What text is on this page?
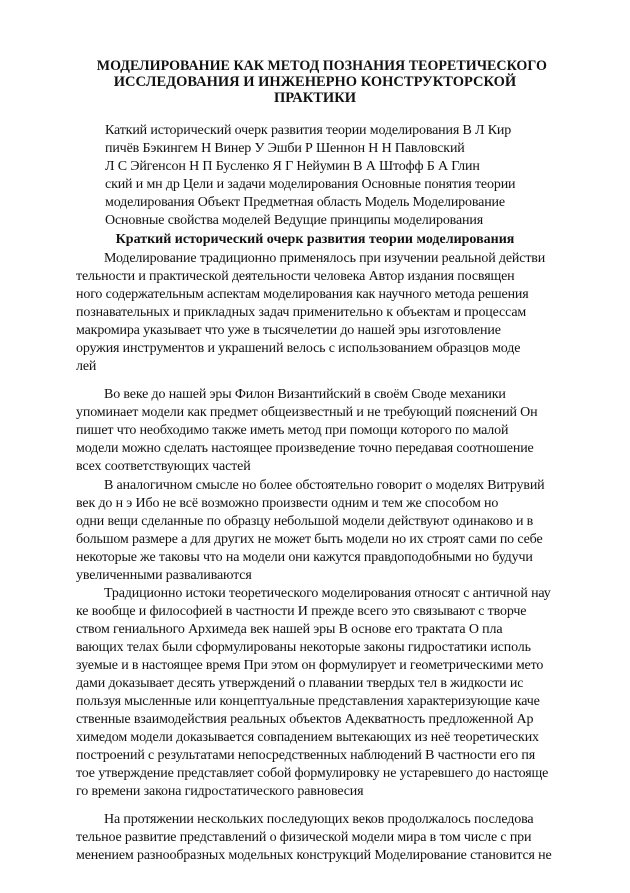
МОДЕЛИРОВАНИЕ КАК МЕТОД ПОЗНАНИЯ ТЕОРЕТИЧЕСКОГО
ИССЛЕДОВАНИЯ И ИНЖЕНЕРНО КОНСТРУКТОРСКОЙ
ПРАКТИКИ
Каткий исторический очерк развития теории моделирования В Л Кир
пичёв Бэкингем Н Винер У Эшби Р Шеннон Н Н Павловский
Л С Эйгенсон Н П Бусленко Я Г Нейумин В А Штофф Б А Глин
ский и мн др Цели и задачи моделирования Основные понятия теории
моделирования Объект Предметная область Модель Моделирование
Основные свойства моделей Ведущие принципы моделирования
Краткий исторический очерк развития теории моделирования
Моделирование традиционно применялось при изучении реальной действи
тельности и практической деятельности человека Автор издания посвящен
ного содержательным аспектам моделирования как научного метода решения
познавательных и прикладных задач применительно к объектам и процессам
макромира указывает что уже в тысячелетии до нашей эры изготовление
оружия инструментов и украшений велось с использованием образцов моде
лей
Во веке до нашей эры Филон Византийский в своём Своде механики
упоминает модели как предмет общеизвестный и не требующий пояснений Он
пишет что необходимо также иметь метод при помощи которого по малой
модели можно сделать настоящее произведение точно передавая соотношение
всех соответствующих частей
В аналогичном смысле но более обстоятельно говорит о моделях Витрувий
век до н э Ибо не всё возможно произвести одним и тем же способом но
одни вещи сделанные по образцу небольшой модели действуют одинаково и в
большом размере а для других не может быть модели но их строят сами по себе
некоторые же таковы что на модели они кажутся правдоподобными но будучи
увеличенными разваливаются
Традиционно истоки теоретического моделирования относят с античной нау
ке вообще и философией в частности И прежде всего это связывают с творче
ством гениального Архимеда век нашей эры В основе его трактата О пла
вающих телах были сформулированы некоторые законы гидростатики исполь
зуемые и в настоящее время При этом он формулирует и геометрическими мето
дами доказывает десять утверждений о плавании твердых тел в жидкости ис
пользуя мысленные или концептуальные представления характеризующие каче
ственные взаимодействия реальных объектов Адекватность предложенной Ар
химедом модели доказывается совпадением вытекающих из неё теоретических
построений с результатами непосредственных наблюдений В частности его пя
тое утверждение представляет собой формулировку не устаревшего до настояще
го времени закона гидростатического равновесия
На протяжении нескольких последующих веков продолжалось последова
тельное развитие представлений о физической модели мира в том числе с при
менением разнообразных модельных конструкций Моделирование становится не
